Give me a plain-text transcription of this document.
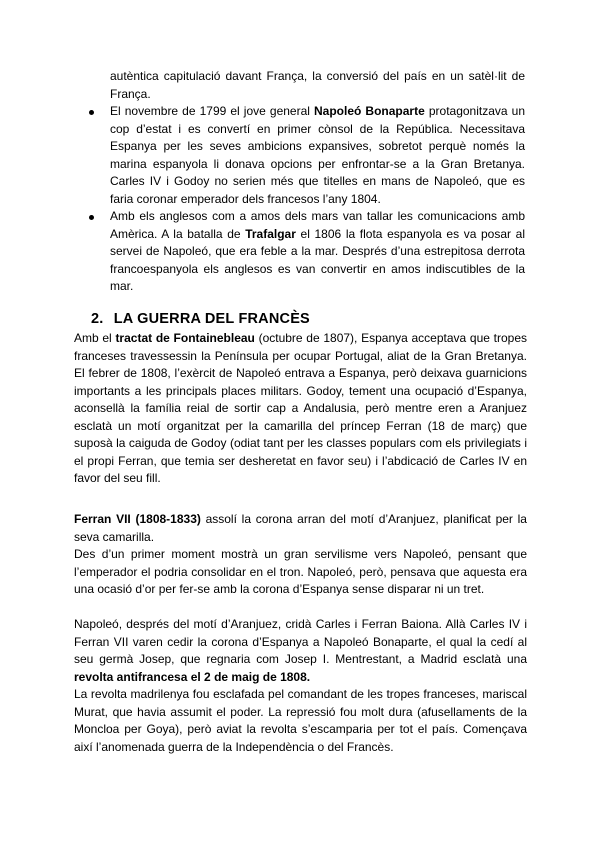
autèntica capitulació davant França, la conversió del país en un satèl·lit de França.

El novembre de 1799 el jove general Napoleó Bonaparte protagonitzava un cop d’estat i es convertí en primer cònsol de la República. Necessitava Espanya per les seves ambicions expansives, sobretot perquè només la marina espanyola li donava opcions per enfrontar-se a la Gran Bretanya. Carles IV i Godoy no serien més que titelles en mans de Napoleó, que es faria coronar emperador dels francesos l’any 1804.
Amb els anglesos com a amos dels mars van tallar les comunicacions amb Amèrica. A la batalla de Trafalgar el 1806 la flota espanyola es va posar al servei de Napoleó, que era feble a la mar. Després d’una estrepitosa derrota francoespanyola els anglesos es van convertir en amos indiscutibles de la mar.
2. LA GUERRA DEL FRANCÈS

Amb el tractat de Fontainebleau (octubre de 1807), Espanya acceptava que tropes franceses travessessin la Península per ocupar Portugal, aliat de la Gran Bretanya. El febrer de 1808, l’exèrcit de Napoleó entrava a Espanya, però deixava guarnicions importants a les principals places militars. Godoy, tement una ocupació d’Espanya, aconsellà la família reial de sortir cap a Andalusia, però mentre eren a Aranjuez esclatà un motí organitzat per la camarilla del príncep Ferran (18 de març) que suposà la caiguda de Godoy (odiat tant per les classes populars com els privilegiats i el propi Ferran, que temia ser desheretat en favor seu) i l’abdicació de Carles IV en favor del seu fill.

Ferran VII (1808-1833) assolí la corona arran del motí d’Aranjuez, planificat per la seva camarilla.

Des d’un primer moment mostrà un gran servilisme vers Napoleó, pensant que l’emperador el podria consolidar en el tron. Napoleó, però, pensava que aquesta era una ocasió d’or per fer-se amb la corona d’Espanya sense disparar ni un tret.

Napoleó, després del motí d’Aranjuez, cridà Carles i Ferran Baiona. Allà Carles IV i Ferran VII varen cedir la corona d’Espanya a Napoleó Bonaparte, el qual la cedí al seu germà Josep, que regnaria com Josep I. Mentrestant, a Madrid esclatà una revolta antifrancesa el 2 de maig de 1808.

La revolta madrilenya fou esclafada pel comandant de les tropes franceses, mariscal Murat, que havia assumit el poder. La repressió fou molt dura (afusellaments de la Moncloa per Goya), però aviat la revolta s’escamparia per tot el país. Començava així l’anomenada guerra de la Independència o del Francès.
